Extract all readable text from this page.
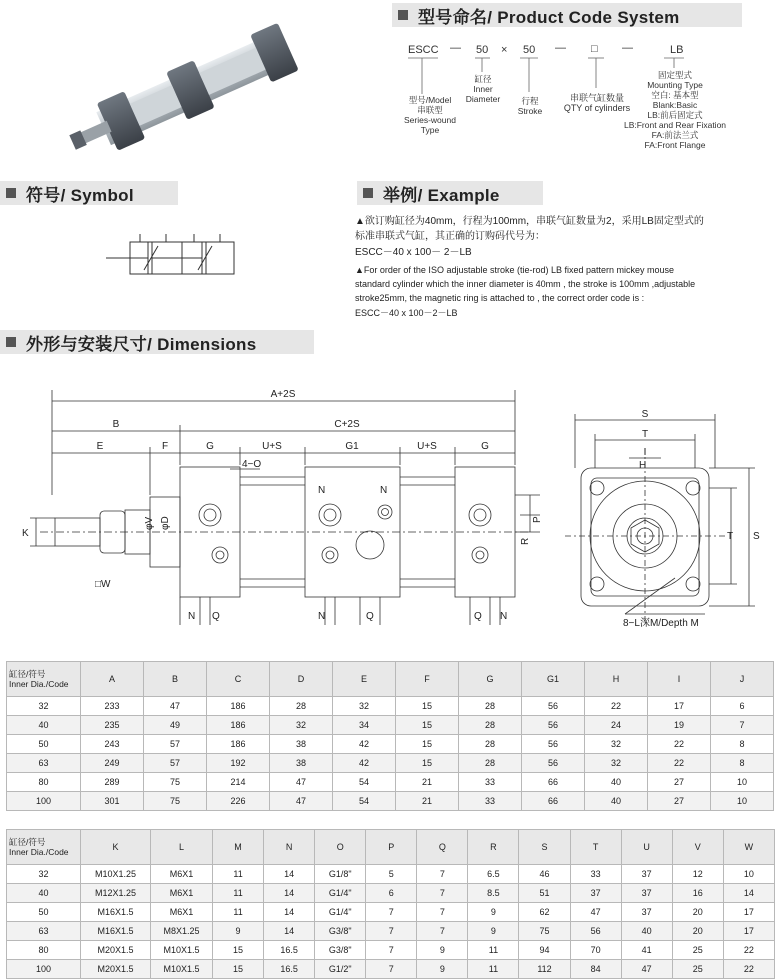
型号命名/ Product Code System
符号/ Symbol	举例/ Example
外形与安装尺寸/ Dimensions
ESCC — 50 × 50 — □ —	LB
型号/Model
串联型
Series-wound
Type
缸径
Inner
Diameter	行程
Stroke
串联气缸数量
QTY of cylinders
固定型式
Mounting Type
空白: 基本型
Blank:Basic
LB:前后固定式
LB:Front and Rear Fixation
FA:前法兰式
FA:Front Flange
▲欲订购缸径为40mm，行程为100mm，串联气缸数量为2，采用LB固定型式的
标准串联式气缸，其正确的订购码代号为：
ESCC－40 x 100－ 2－LB
▲For order of the ISO adjustable stroke (tie-rod) LB fixed pattern mickey mouse
standard cylinder which the inner diameter is 40mm , the stroke is 100mm ,adjustable
stroke25mm, the magnetic ring is attached to , the correct order code is :
ESCC－40 x 100－2－LB
A+2S
B	C+2S
E	F	G	U+S	G1	U+S	G
4−O
N	N
N Q	N	Q	Q N
K
φV φD
□W
R
P
S
T
I
H
T S
8−L深M/Depth M
缸径/符号
Inner Dia./Code	A	B	C	D	E	F	G	G1	H	I	J
32	233	47	186	28	32	15	28	56	22	17	6
40	235	49	186	32	34	15	28	56	24	19	7
50	243	57	186	38	42	15	28	56	32	22	8
63	249	57	192	38	42	15	28	56	32	22	8
80	289	75	214	47	54	21	33	66	40	27	10
100	301	75	226	47	54	21	33	66	40	27	10
缸径/符号
Inner Dia./Code	K	L	M	N	O	P	Q	R	S	T	U	V	W
32	M10X1.25	M6X1	11	14	G1/8"	5	7	6.5	46	33	37	12	10
40	M12X1.25	M6X1	11	14	G1/4"	6	7	8.5	51	37	37	16	14
50	M16X1.5	M6X1	11	14	G1/4"	7	7	9	62	47	37	20	17
63	M16X1.5	M8X1.25	9	14	G3/8"	7	7	9	75	56	40	20	17
80	M20X1.5	M10X1.5	15	16.5	G3/8"	7	9	11	94	70	41	25	22
100	M20X1.5	M10X1.5	15	16.5	G1/2"	7	9	11	112	84	47	25	22
